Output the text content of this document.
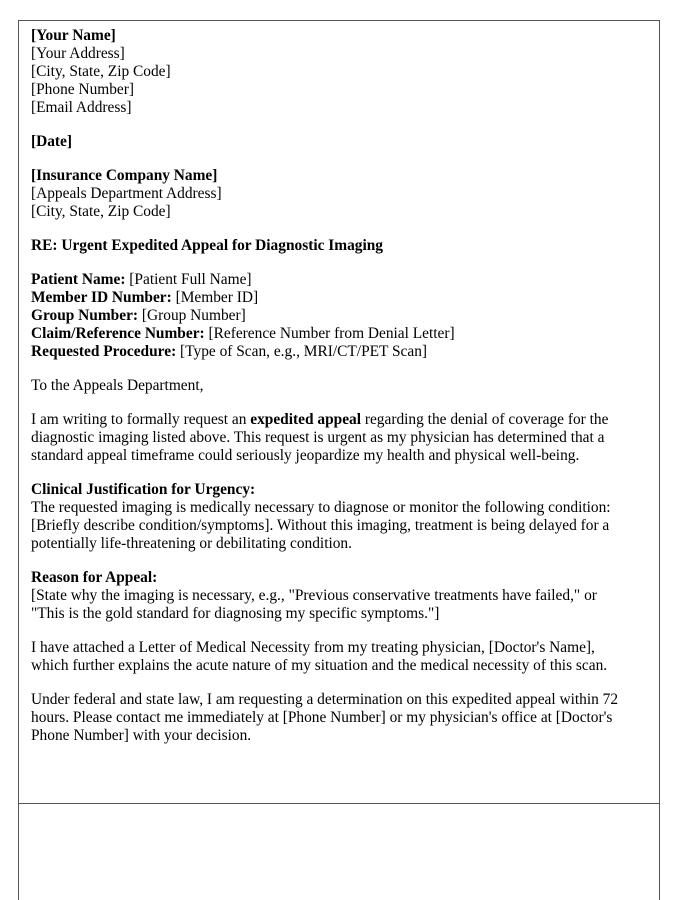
[Your Name]
[Your Address]
[City, State, Zip Code]
[Phone Number]
[Email Address]
[Date]
[Insurance Company Name]
[Appeals Department Address]
[City, State, Zip Code]
RE: Urgent Expedited Appeal for Diagnostic Imaging
Patient Name: [Patient Full Name]
Member ID Number: [Member ID]
Group Number: [Group Number]
Claim/Reference Number: [Reference Number from Denial Letter]
Requested Procedure: [Type of Scan, e.g., MRI/CT/PET Scan]

To the Appeals Department,

I am writing to formally request an expedited appeal regarding the denial of coverage for the diagnostic imaging listed above. This request is urgent as my physician has determined that a standard appeal timeframe could seriously jeopardize my health and physical well-being.

Clinical Justification for Urgency:
The requested imaging is medically necessary to diagnose or monitor the following condition: [Briefly describe condition/symptoms]. Without this imaging, treatment is being delayed for a potentially life-threatening or debilitating condition.

Reason for Appeal:
[State why the imaging is necessary, e.g., "Previous conservative treatments have failed," or "This is the gold standard for diagnosing my specific symptoms."]

I have attached a Letter of Medical Necessity from my treating physician, [Doctor's Name], which further explains the acute nature of my situation and the medical necessity of this scan.

Under federal and state law, I am requesting a determination on this expedited appeal within 72 hours. Please contact me immediately at [Phone Number] or my physician's office at [Doctor's Phone Number] with your decision.
